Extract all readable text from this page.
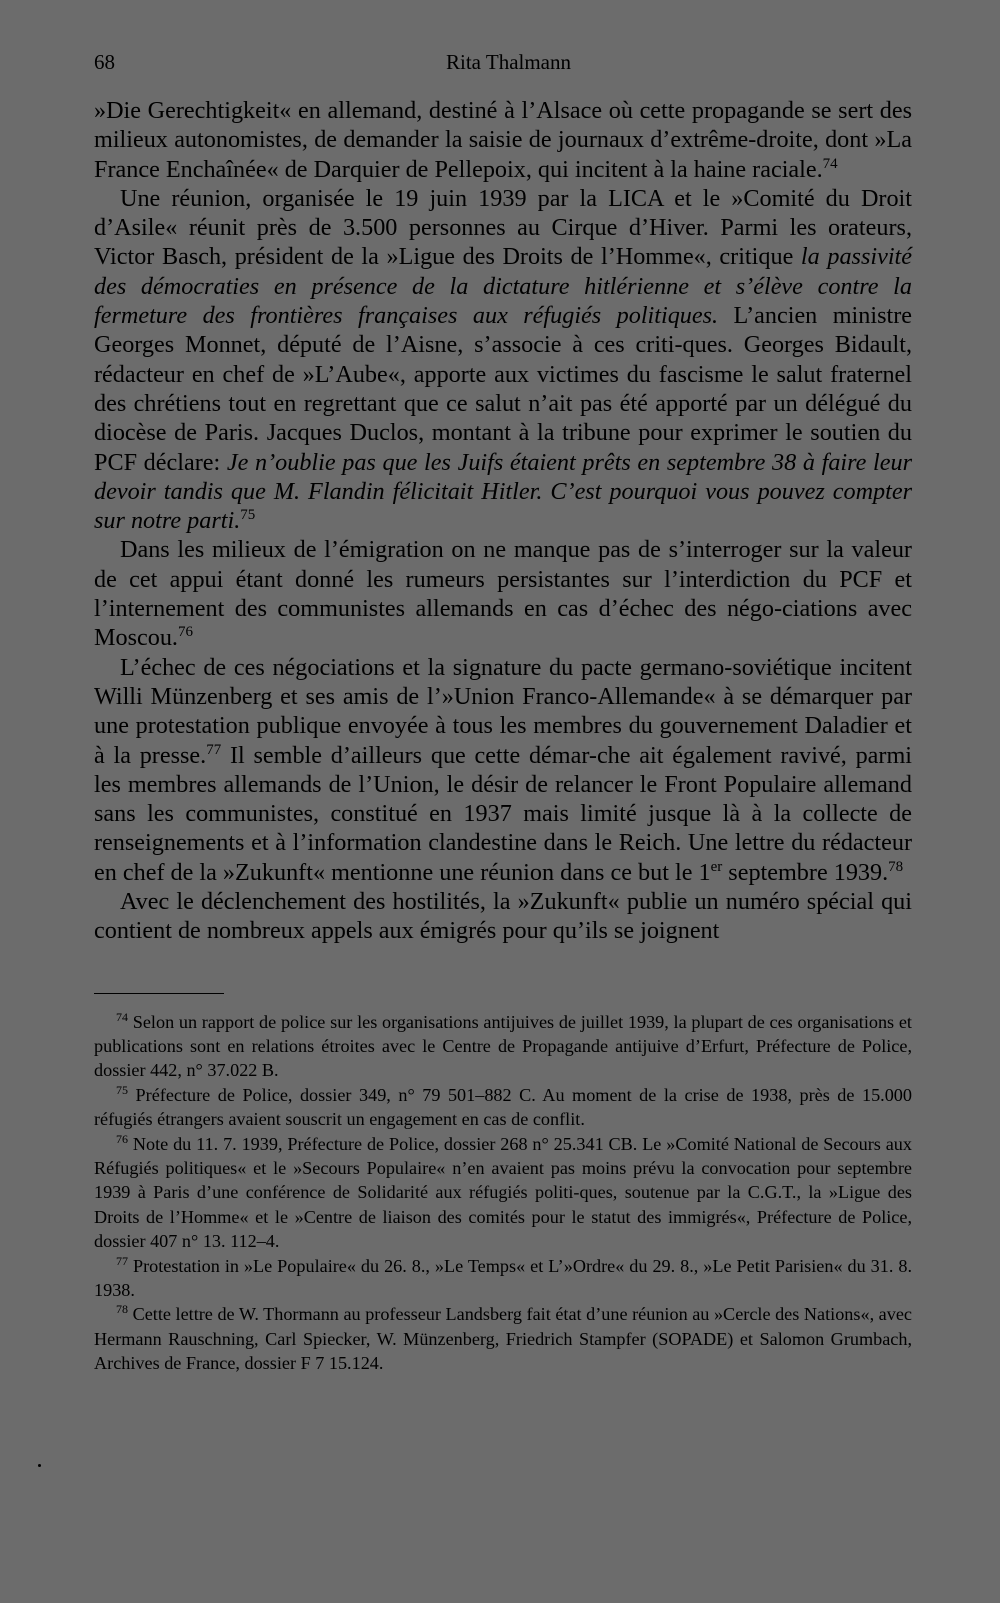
68	Rita Thalmann

»Die Gerechtigkeit« en allemand, destiné à l’Alsace où cette propagande se sert des milieux autonomistes, de demander la saisie de journaux d’extrême-droite, dont »La France Enchaînée« de Darquier de Pellepoix, qui incitent à la haine raciale.$^{74}$

Une réunion, organisée le 19 juin 1939 par la LICA et le »Comité du Droit d’Asile« réunit près de 3.500 personnes au Cirque d’Hiver. Parmi les orateurs, Victor Basch, président de la »Ligue des Droits de l’Homme«, critique la passivité des démocraties en présence de la dictature hitlérienne et s’élève contre la fermeture des frontières françaises aux réfugiés politiques. L’ancien ministre Georges Monnet, député de l’Aisne, s’associe à ces criti-ques. Georges Bidault, rédacteur en chef de »L’Aube«, apporte aux victimes du fascisme le salut fraternel des chrétiens tout en regrettant que ce salut n’ait pas été apporté par un délégué du diocèse de Paris. Jacques Duclos, montant à la tribune pour exprimer le soutien du PCF déclare: Je n’oublie pas que les Juifs étaient prêts en septembre 38 à faire leur devoir tandis que M. Flandin félicitait Hitler. C’est pourquoi vous pouvez compter sur notre parti.$^{75}$

Dans les milieux de l’émigration on ne manque pas de s’interroger sur la valeur de cet appui étant donné les rumeurs persistantes sur l’interdiction du PCF et l’internement des communistes allemands en cas d’échec des négo-ciations avec Moscou.$^{76}$

L’échec de ces négociations et la signature du pacte germano-soviétique incitent Willi Münzenberg et ses amis de l’»Union Franco-Allemande« à se démarquer par une protestation publique envoyée à tous les membres du gouvernement Daladier et à la presse.$^{77}$ Il semble d’ailleurs que cette démar-che ait également ravivé, parmi les membres allemands de l’Union, le désir de relancer le Front Populaire allemand sans les communistes, constitué en 1937 mais limité jusque là à la collecte de renseignements et à l’information clandestine dans le Reich. Une lettre du rédacteur en chef de la »Zukunft« mentionne une réunion dans ce but le 1er septembre 1939.78

Avec le déclenchement des hostilités, la »Zukunft« publie un numéro spécial qui contient de nombreux appels aux émigrés pour qu’ils se joignent

$^{74}$ Selon un rapport de police sur les organisations antijuives de juillet 1939, la plupart de ces organisations et publications sont en relations étroites avec le Centre de Propagande antijuive d’Erfurt, Préfecture de Police, dossier 442, n° 37.022 B.

$^{75}$ Préfecture de Police, dossier 349, n° 79 501–882 C. Au moment de la crise de 1938, près de 15.000 réfugiés étrangers avaient souscrit un engagement en cas de conflit.

$^{76}$ Note du 11. 7. 1939, Préfecture de Police, dossier 268 n° 25.341 CB. Le »Comité National de Secours aux Réfugiés politiques« et le »Secours Populaire« n’en avaient pas moins prévu la convocation pour septembre 1939 à Paris d’une conférence de Solidarité aux réfugiés politi-ques, soutenue par la C.G.T., la »Ligue des Droits de l’Homme« et le »Centre de liaison des comités pour le statut des immigrés«, Préfecture de Police, dossier 407 n° 13. 112–4.

$^{77}$ Protestation in »Le Populaire« du 26. 8., »Le Temps« et L’»Ordre« du 29. 8., »Le Petit Parisien« du 31. 8. 1938.

$^{78}$ Cette lettre de W. Thormann au professeur Landsberg fait état d’une réunion au »Cercle des Nations«, avec Hermann Rauschning, Carl Spiecker, W. Münzenberg, Friedrich Stampfer (SOPADE) et Salomon Grumbach, Archives de France, dossier F 7 15.124.
